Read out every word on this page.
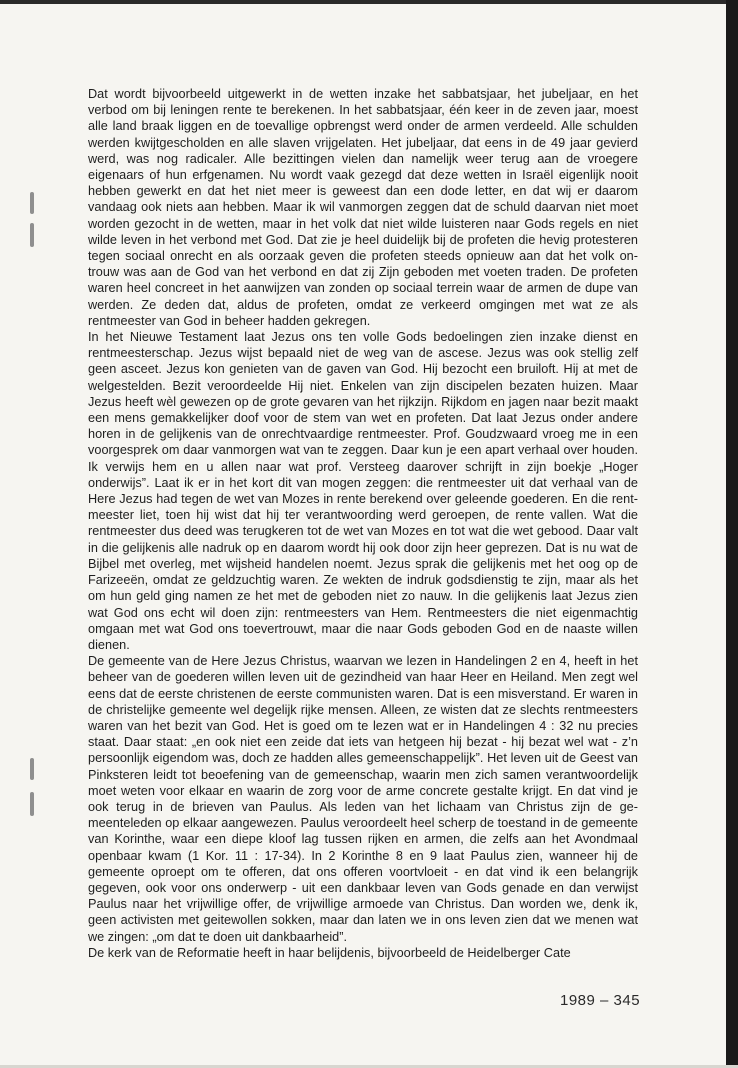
Dat wordt bijvoorbeeld uitgewerkt in de wetten inzake het sabbatsjaar, het jubeljaar, en het verbod om bij leningen rente te berekenen. In het sabbatsjaar, één keer in de zeven jaar, moest alle land braak liggen en de toevallige opbrengst werd onder de armen verdeeld. Alle schulden werden kwijtgescholden en alle slaven vrijgelaten. Het jubeljaar, dat eens in de 49 jaar gevierd werd, was nog radicaler. Alle bezittingen vielen dan namelijk weer terug aan de vroegere eigenaars of hun erfgenamen. Nu wordt vaak gezegd dat deze wetten in Israël eigenlijk nooit hebben gewerkt en dat het niet meer is geweest dan een dode letter, en dat wij er daarom vandaag ook niets aan hebben. Maar ik wil vanmorgen zeggen dat de schuld daarvan niet moet worden gezocht in de wetten, maar in het volk dat niet wilde luisteren naar Gods regels en niet wilde leven in het verbond met God. Dat zie je heel duidelijk bij de profeten die hevig protesteren tegen sociaal onrecht en als oorzaak geven die profeten steeds opnieuw aan dat het volk ontrouw was aan de God van het verbond en dat zij Zijn geboden met voeten traden. De profeten waren heel concreet in het aanwijzen van zonden op sociaal terrein waar de armen de dupe van werden. Ze deden dat, aldus de profeten, omdat ze verkeerd omgingen met wat ze als rentmeester van God in beheer hadden gekregen.

In het Nieuwe Testament laat Jezus ons ten volle Gods bedoelingen zien inzake dienst en rentmeesterschap. Jezus wijst bepaald niet de weg van de ascese. Jezus was ook stellig zelf geen asceet. Jezus kon genieten van de gaven van God. Hij bezocht een bruiloft. Hij at met de welgestelden. Bezit veroordeelde Hij niet. Enkelen van zijn discipelen bezaten huizen. Maar Jezus heeft wèl gewezen op de grote gevaren van het rijkzijn. Rijkdom en jagen naar bezit maakt een mens gemakkelijker doof voor de stem van wet en profeten. Dat laat Jezus onder andere horen in de gelijkenis van de onrechtvaardige rentmeester. Prof. Goudzwaard vroeg me in een voorgesprek om daar vanmorgen wat van te zeggen. Daar kun je een apart verhaal over houden. Ik verwijs hem en u allen naar wat prof. Versteeg daarover schrijft in zijn boekje „Hoger onderwijs”. Laat ik er in het kort dit van mogen zeggen: die rentmeester uit dat verhaal van de Here Jezus had tegen de wet van Mozes in rente berekend over geleende goederen. En die rentmeester liet, toen hij wist dat hij ter verantwoording werd geroepen, de rente vallen. Wat die rentmeester dus deed was terugkeren tot de wet van Mozes en tot wat die wet gebood. Daar valt in die gelijkenis alle nadruk op en daarom wordt hij ook door zijn heer geprezen. Dat is nu wat de Bijbel met overleg, met wijsheid handelen noemt. Jezus sprak die gelijkenis met het oog op de Farizeeën, omdat ze geldzuchtig waren. Ze wekten de indruk godsdienstig te zijn, maar als het om hun geld ging namen ze het met de geboden niet zo nauw. In die gelijkenis laat Jezus zien wat God ons echt wil doen zijn: rentmeesters van Hem. Rentmeesters die niet eigenmachtig omgaan met wat God ons toevertrouwt, maar die naar Gods geboden God en de naaste willen dienen.

De gemeente van de Here Jezus Christus, waarvan we lezen in Handelingen 2 en 4, heeft in het beheer van de goederen willen leven uit de gezindheid van haar Heer en Heiland. Men zegt wel eens dat de eerste christenen de eerste communisten waren. Dat is een misverstand. Er waren in de christelijke gemeente wel degelijk rijke mensen. Alleen, ze wisten dat ze slechts rentmeesters waren van het bezit van God. Het is goed om te lezen wat er in Handelingen 4 : 32 nu precies staat. Daar staat: „en ook niet een zeide dat iets van hetgeen hij bezat - hij bezat wel wat - z’n persoonlijk eigendom was, doch ze hadden alles gemeenschappelijk”. Het leven uit de Geest van Pinksteren leidt tot beoefening van de gemeenschap, waarin men zich samen verantwoordelijk moet weten voor elkaar en waarin de zorg voor de arme concrete gestalte krijgt. En dat vind je ook terug in de brieven van Paulus. Als leden van het lichaam van Christus zijn de gemeenteleden op elkaar aangewezen. Paulus veroordeelt heel scherp de toestand in de gemeente van Korinthe, waar een diepe kloof lag tussen rijken en armen, die zelfs aan het Avondmaal openbaar kwam (1 Kor. 11 : 17-34). In 2 Korinthe 8 en 9 laat Paulus zien, wanneer hij de gemeente oproept om te offeren, dat ons offeren voortvloeit - en dat vind ik een belangrijk gegeven, ook voor ons onderwerp - uit een dankbaar leven van Gods genade en dan verwijst Paulus naar het vrijwillige offer, de vrijwillige armoede van Christus. Dan worden we, denk ik, geen activisten met geitewollen sokken, maar dan laten we in ons leven zien dat we menen wat we zingen: „om dat te doen uit dankbaarheid”.

De kerk van de Reformatie heeft in haar belijdenis, bijvoorbeeld de Heidelberger Cate

1989 – 345
